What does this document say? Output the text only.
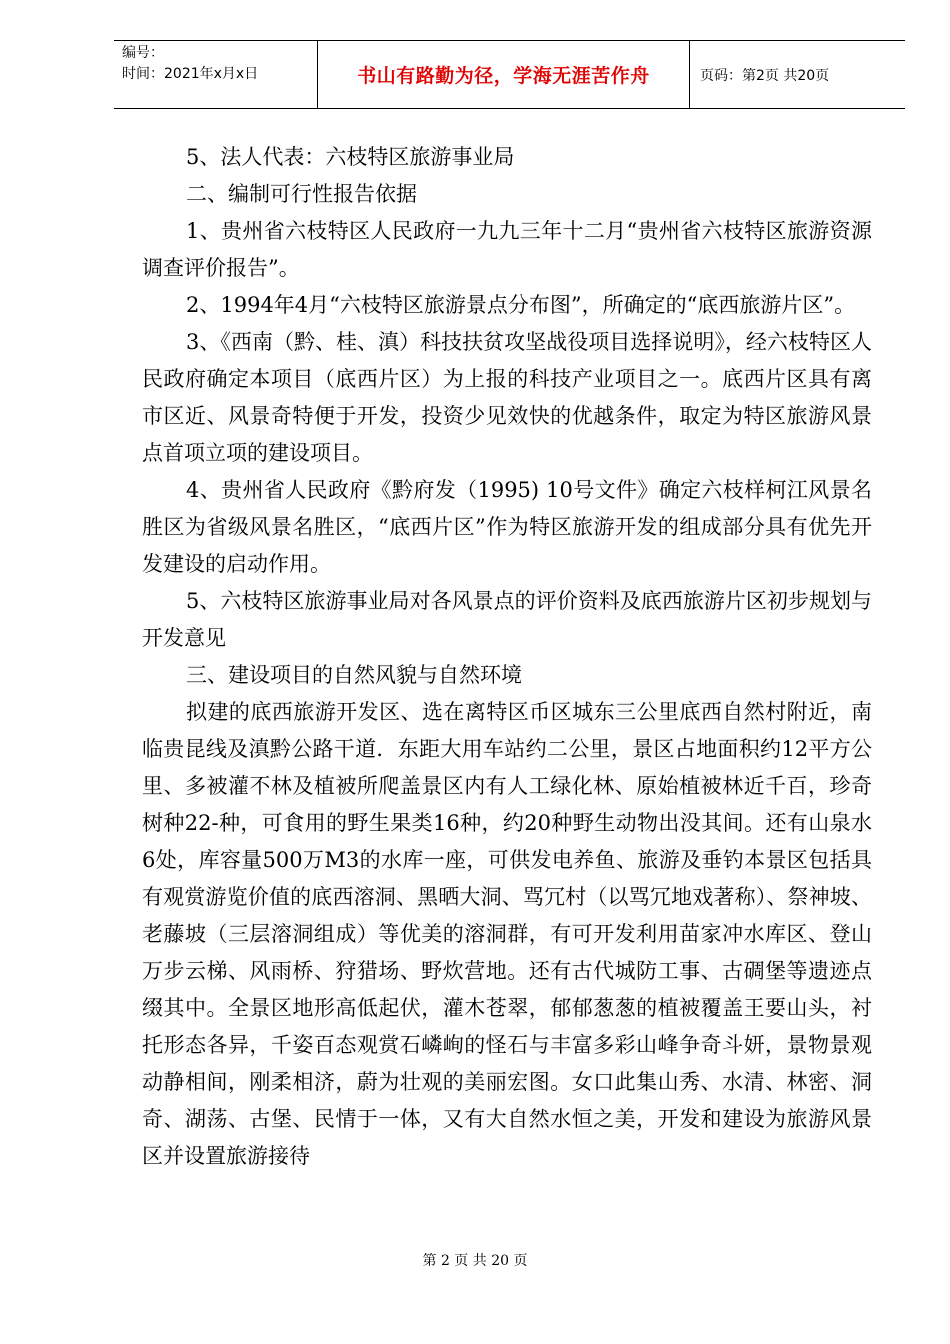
编号：
时间：2021年x月x日	书山有路勤为径，学海无涯苦作舟	页码：第2页 共20页

5、法人代表：六枝特区旅游事业局

二、编制可行性报告依据

1、贵州省六枝特区人民政府一九九三年十二月“贵州省六枝特区旅游资源调查评价报告”。

2、1994年4月“六枝特区旅游景点分布图”，所确定的“底西旅游片区”。

3、《西南（黔、桂、滇）科技扶贫攻坚战役项目选择说明》，经六枝特区人民政府确定本项目（底西片区）为上报的科技产业项目之一。底西片区具有离市区近、风景奇特便于开发，投资少见效快的优越条件，取定为特区旅游风景点首项立项的建设项目。

4、贵州省人民政府《黔府发（1995) 10号文件》确定六枝样柯江风景名胜区为省级风景名胜区，“底西片区”作为特区旅游开发的组成部分具有优先开发建设的启动作用。

5、六枝特区旅游事业局对各风景点的评价资料及底西旅游片区初步规划与开发意见

三、建设项目的自然风貌与自然环境

拟建的底西旅游开发区、选在离特区币区城东三公里底西自然村附近，南临贵昆线及滇黔公路干道．东距大用车站约二公里，景区占地面积约12平方公里、多被灌不林及植被所爬盖景区内有人工绿化林、原始植被林近千百，珍奇树种22-种，可食用的野生果类16种，约20种野生动物出没其间。还有山泉水6处，库容量500万M3的水库一座，可供发电养鱼、旅游及垂钓本景区包括具有观赏游览价值的底西溶洞、黑晒大洞、骂冗村（以骂冗地戏著称）、祭神坡、老藤坡（三层溶洞组成）等优美的溶洞群，有可开发利用苗家冲水库区、登山万步云梯、风雨桥、狩猎场、野炊营地。还有古代城防工事、古碉堡等遗迹点缀其中。全景区地形高低起伏，灌木苍翠，郁郁葱葱的植被覆盖王要山头，衬托形态各异，千姿百态观赏石嶙峋的怪石与丰富多彩山峰争奇斗妍，景物景观动静相间，刚柔相济，蔚为壮观的美丽宏图。女口此集山秀、水清、林密、洞奇、湖荡、古堡、民情于一体，又有大自然水恒之美，开发和建设为旅游风景区并设置旅游接待

第 2 页 共 20 页
